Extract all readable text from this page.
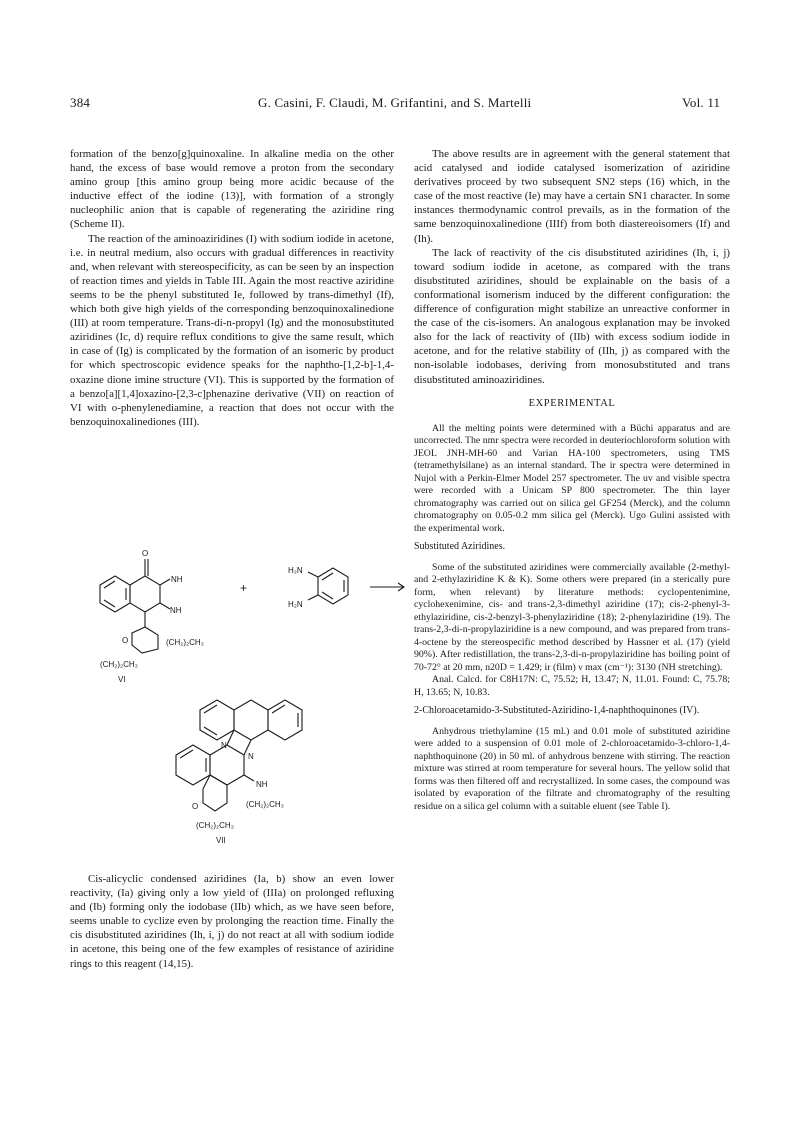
384	G. Casini, F. Claudi, M. Grifantini, and S. Martelli	Vol. 11

formation of the benzo[g]quinoxaline. In alkaline media on the other hand, the excess of base would remove a proton from the secondary amino group [this amino group being more acidic because of the inductive effect of the iodine (13)], with formation of a strongly nucleophilic anion that is capable of regenerating the aziridine ring (Scheme II).

The reaction of the aminoaziridines (I) with sodium iodide in acetone, i.e. in neutral medium, also occurs with gradual differences in reactivity and, when relevant with stereospecificity, as can be seen by an inspection of reaction times and yields in Table III. Again the most reactive aziridine seems to be the phenyl substituted Ie, followed by trans-dimethyl (If), which both give high yields of the corresponding benzoquinoxalinedione (III) at room temperature. Trans-di-n-propyl (Ig) and the monosubstituted aziridines (Ic, d) require reflux conditions to give the same result, which in case of (Ig) is complicated by the formation of an isomeric by product for which spectroscopic evidence speaks for the naphtho-[1,2-b]-1,4-oxazine dione imine structure (VI). This is supported by the formation of a benzo[a][1,4]oxazino-[2,3-c]phenazine derivative (VII) on reaction of VI with o-phenylenediamine, a reaction that does not occur with the benzoquinoxalinediones (III).

O
NH
NH
O	(CH₂)₂CH₃
(CH₂)₂CH₃
VI
+
H₂N
H₂N
N
N
NH
O	(CH₂)₂CH₃
(CH₂)₂CH₃
VII

Cis-alicyclic condensed aziridines (Ia, b) show an even lower reactivity, (Ia) giving only a low yield of (IIIa) on prolonged refluxing and (Ib) forming only the iodobase (IIb) which, as we have seen before, seems unable to cyclize even by prolonging the reaction time. Finally the cis disubstituted aziridines (Ih, i, j) do not react at all with sodium iodide in acetone, this being one of the few examples of resistance of aziridine rings to this reagent (14,15).

The above results are in agreement with the general statement that acid catalysed and iodide catalysed isomerization of aziridine derivatives proceed by two subsequent SN2 steps (16) which, in the case of the most reactive (Ie) may have a certain SN1 character. In some instances thermodynamic control prevails, as in the formation of the same benzoquinoxalinedione (IIIf) from both diastereoisomers (If) and (Ih).

The lack of reactivity of the cis disubstituted aziridines (Ih, i, j) toward sodium iodide in acetone, as compared with the trans disubstituted aziridines, should be explainable on the basis of a conformational isomerism induced by the different configuration: the difference of configuration might stabilize an unreactive conformer in the case of the cis-isomers. An analogous explanation may be invoked also for the lack of reactivity of (IIb) with excess sodium iodide in acetone, and for the relative stability of (IIh, j) as compared with the non-isolable iodobases, deriving from monosubstituted and trans disubstituted aminoaziridines.

EXPERIMENTAL

All the melting points were determined with a Büchi apparatus and are uncorrected. The nmr spectra were recorded in deuteriochloroform solution with JEOL JNH-MH-60 and Varian HA-100 spectrometers, using TMS (tetramethylsilane) as an internal standard. The ir spectra were determined in Nujol with a Perkin-Elmer Model 257 spectrometer. The uv and visible spectra were recorded with a Unicam SP 800 spectrometer. The thin layer chromatography was carried out on silica gel GF254 (Merck), and the column chromatography on 0.05-0.2 mm silica gel (Merck). Ugo Gulini assisted with the experimental work.

Substituted Aziridines.

Some of the substituted aziridines were commercially available (2-methyl- and 2-ethylaziridine K & K). Some others were prepared (in a sterically pure form, when relevant) by literature methods: cyclopentenimine, cyclohexenimine, cis- and trans-2,3-dimethyl aziridine (17); cis-2-phenyl-3-ethylaziridine, cis-2-benzyl-3-phenylaziridine (18); 2-phenylaziridine (19). The trans-2,3-di-n-propylaziridine is a new compound, and was prepared from trans-4-octene by the stereospecific method described by Hassner et al. (17) (yield 90%). After redistillation, the trans-2,3-di-n-propylaziridine has boiling point of 70-72° at 20 mm, n20D = 1.429; ir (film) ν max (cm⁻¹): 3130 (NH stretching).

Anal. Calcd. for C8H17N: C, 75.52; H, 13.47; N, 11.01. Found: C, 75.78; H, 13.65; N, 10.83.

2-Chloroacetamido-3-Substituted-Aziridino-1,4-naphthoquinones (IV).

Anhydrous triethylamine (15 ml.) and 0.01 mole of substituted aziridine were added to a suspension of 0.01 mole of 2-chloroacetamido-3-chloro-1,4-naphthoquinone (20) in 50 ml. of anhydrous benzene with stirring. The reaction mixture was stirred at room temperature for several hours. The yellow solid that forms was then filtered off and recrystallized. In some cases, the compound was isolated by evaporation of the filtrate and chromatography of the resulting residue on a silica gel column with a suitable eluent (see Table I).
